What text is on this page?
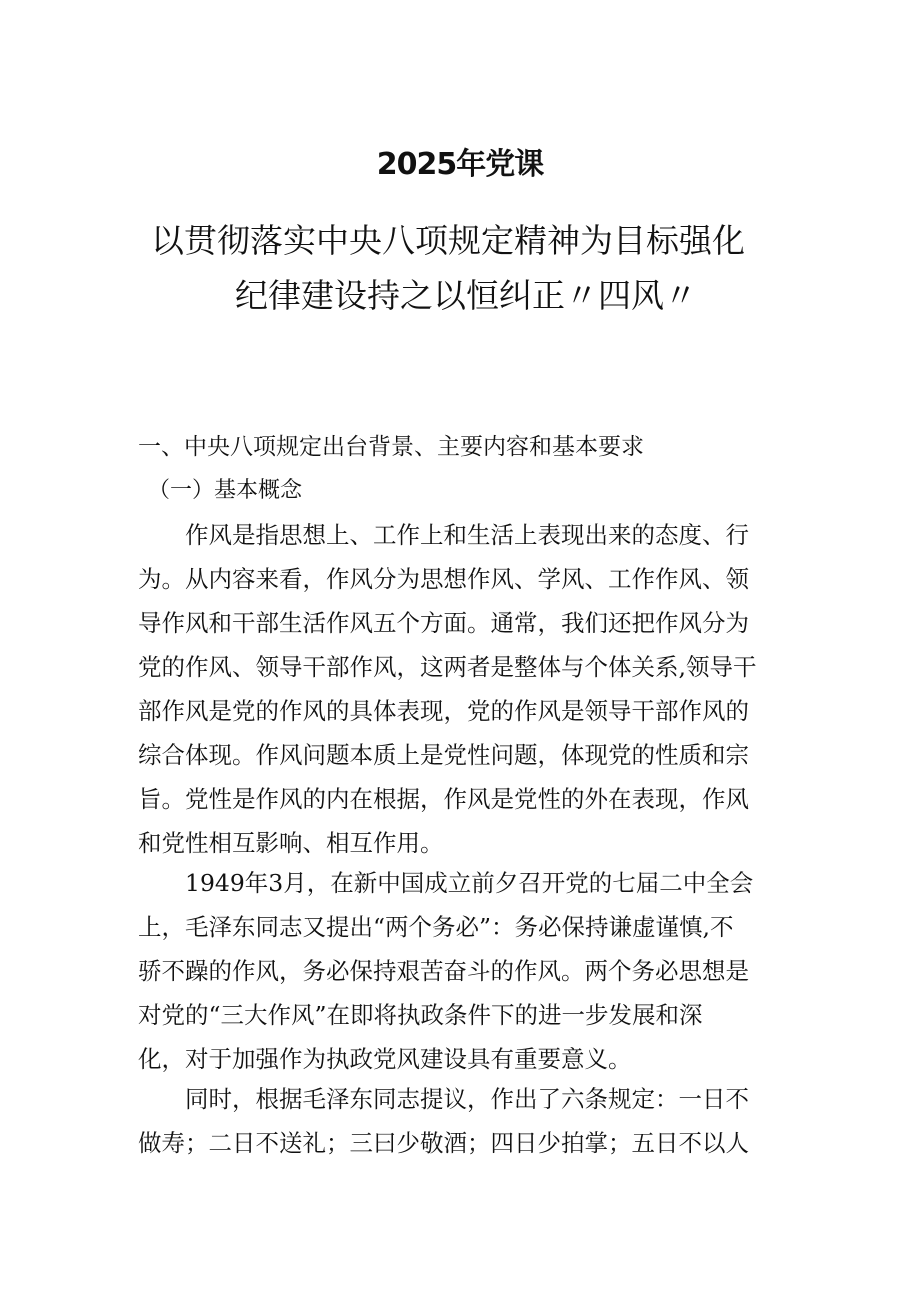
2025年党课
以贯彻落实中央八项规定精神为目标强化
纪律建设持之以恒纠正〃四风〃
一、中央八项规定出台背景、主要内容和基本要求
（一）基本概念
　　作风是指思想上、工作上和生活上表现出来的态度、行
为。从内容来看，作风分为思想作风、学风、工作作风、领
导作风和干部生活作风五个方面。通常，我们还把作风分为
党的作风、领导干部作风，这两者是整体与个体关系,领导干
部作风是党的作风的具体表现，党的作风是领导干部作风的
综合体现。作风问题本质上是党性问题，体现党的性质和宗
旨。党性是作风的内在根据，作风是党性的外在表现，作风
和党性相互影响、相互作用。
　　1949年3月，在新中国成立前夕召开党的七届二中全会
上，毛泽东同志又提出“两个务必”：务必保持谦虚谨慎,不
骄不躁的作风，务必保持艰苦奋斗的作风。两个务必思想是
对党的“三大作风”在即将执政条件下的进一步发展和深
化，对于加强作为执政党风建设具有重要意义。
　　同时，根据毛泽东同志提议，作出了六条规定：一日不
做寿；二日不送礼；三曰少敬酒；四日少拍掌；五日不以人
